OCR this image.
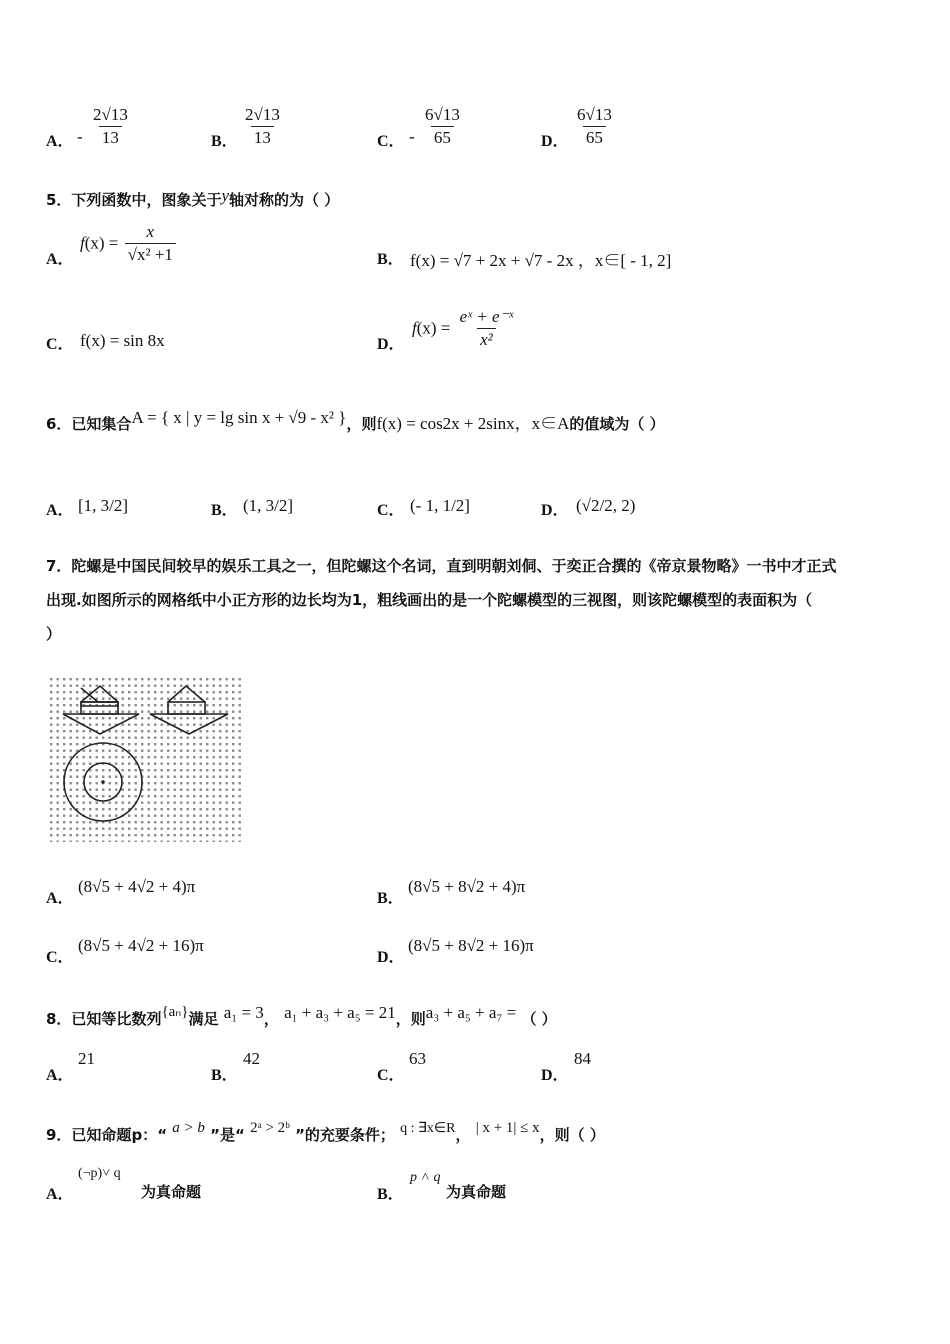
A． - $\frac{2√13}{13}$	B． $\frac{2√13}{13}$	C． - $\frac{6√13}{65}$	D． $\frac{6√13}{65}$
5．下列函数中，图象关于y轴对称的为（ ）
A．
$f(x) = \frac{x}{\text{√x² +1}}$	B． f(x) = √7 + 2x + √7 - 2x ，x∈[ - 1, 2]
C． f(x) = sin 8x	D．
$f(x) = \frac{\text{eˣ + e⁻ˣ}}{\text{x²}}$
6．已知集合A = { x | y = lg sin x + √9 - x² }，则f(x) = cos2x + 2sinx，x∈A的值域为（ ）
A． [1, 3/2]	B． (1, 3/2]	C． (- 1, 1/2]	D． (√2/2, 2)
7．陀螺是中国民间较早的娱乐工具之一，但陀螺这个名词，直到明朝刘侗、于奕正合撰的《帝京景物略》一书中才正式
出现.如图所示的网格纸中小正方形的边长均为1，粗线画出的是一个陀螺模型的三视图，则该陀螺模型的表面积为（
）
A．
(8√5 + 4√2 + 4)π
B．
(8√5 + 8√2 + 4)π
C．
(8√5 + 4√2 + 16)π
D．
(8√5 + 8√2 + 16)π
8．已知等比数列{aₙ}满足 a₁ = 3， a₁ + a₃ + a₅ = 21，则a₃ + a₅ + a₇ = （ ）
A．
21
B．
42
C．
63
D．
84
9．已知命题p：“ a > b ”是“ 2ᵃ > 2ᵇ ”的充要条件； q : ∃x∈R， | x + 1| ≤ x，则（ ）
A．
(¬p)˅ q
为真命题	B．
p ˄ q
为真命题
